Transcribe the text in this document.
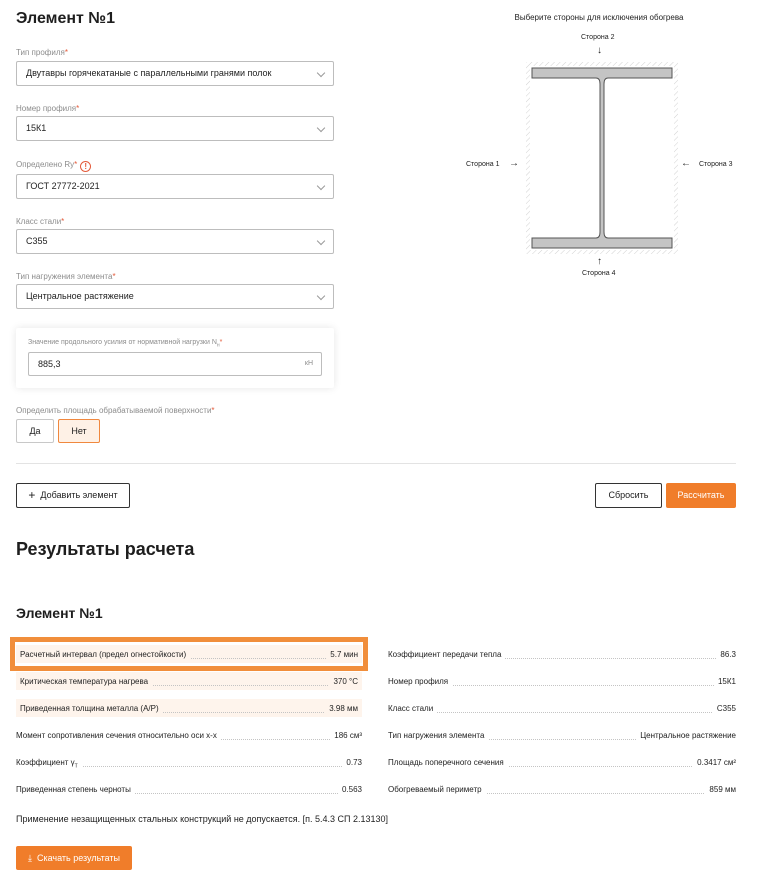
Элемент №1
Тип профиля*
Двутавры горячекатаные с параллельными гранями полок
Номер профиля*
15К1
Определено Ry* !
ГОСТ 27772-2021
Класс стали*
С355
Тип нагружения элемента*
Центральное растяжение
Значение продольного усилия от нормативной нагрузки $N_н*$
885,3	кН
Определить площадь обрабатываемой поверхности*
Да	Нет
+ Добавить элемент	Сбросить	Рассчитать
Выберите стороны для исключения обогрева
Сторона 2
↓
Сторона 1 →	Сторона 3
←
↑
Сторона 4
Результаты расчета
Элемент №1
Расчетный интервал (предел огнестойкости)	5.7 мин
Критическая температура нагрева	370 °C
Приведенная толщина металла (A/P)	3.98 мм
Момент сопротивления сечения относительно оси x-x	186 см³
Коэффициент $\gamma_T$	0.73
Приведенная степень черноты	0.563
Коэффициент передачи тепла	86.3
Номер профиля	15К1
Класс стали	С355
Тип нагружения элемента	Центральное растяжение
Площадь поперечного сечения	0.3417 см²
Обогреваемый периметр	859 мм
Применение незащищенных стальных конструкций не допускается. [п. 5.4.3 СП 2.13130]
⤓ Скачать результаты
